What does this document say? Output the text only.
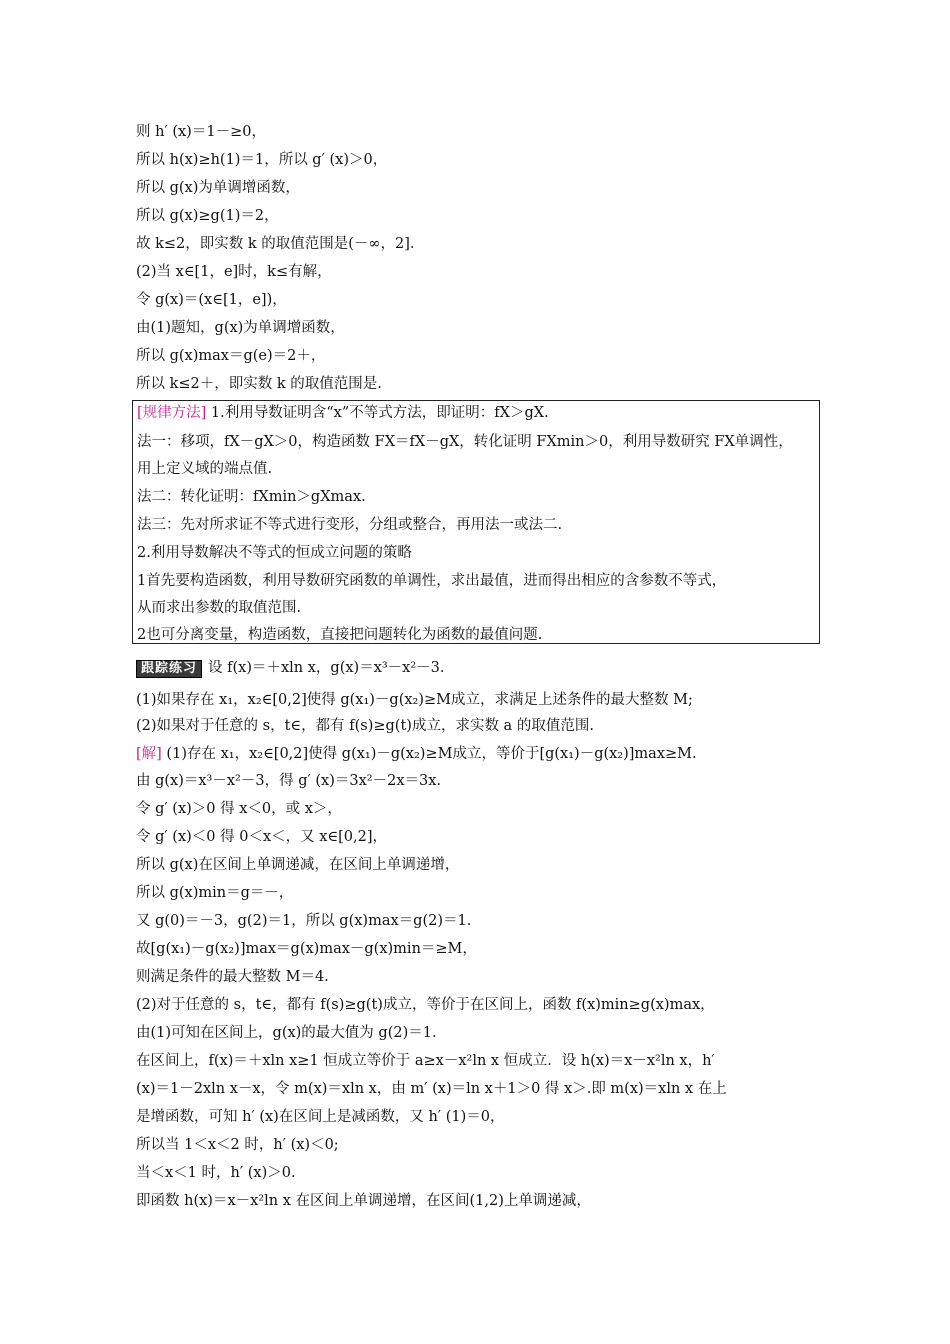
则 h′ (x)＝1－≥0，
所以 h(x)≥h(1)＝1，所以 g′ (x)＞0，
所以 g(x)为单调增函数，
所以 g(x)≥g(1)＝2，
故 k≤2，即实数 k 的取值范围是(－∞，2]．
(2)当 x∈[1，e]时，k≤有解，
令 g(x)＝(x∈[1，e])，
由(1)题知，g(x)为单调增函数，
所以 g(x)max＝g(e)＝2＋，
所以 k≤2＋，即实数 k 的取值范围是.
[规律方法] 1.利用导数证明含“x”不等式方法，即证明：fX＞gX.
法一：移项，fX－gX＞0，构造函数 FX＝fX－gX，转化证明 FXmin＞0，利用导数研究 FX单调性，
用上定义域的端点值.
法二：转化证明：fXmin＞gXmax.
法三：先对所求证不等式进行变形，分组或整合，再用法一或法二.
2.利用导数解决不等式的恒成立问题的策略
1首先要构造函数，利用导数研究函数的单调性，求出最值，进而得出相应的含参数不等式，
从而求出参数的取值范围.
2也可分离变量，构造函数，直接把问题转化为函数的最值问题.
跟踪练习 设 f(x)＝＋xln x，g(x)＝x³－x²－3.
(1)如果存在 x₁，x₂∈[0,2]使得 g(x₁)－g(x₂)≥M成立，求满足上述条件的最大整数 M;
(2)如果对于任意的 s，t∈，都有 f(s)≥g(t)成立，求实数 a 的取值范围.
[解] (1)存在 x₁，x₂∈[0,2]使得 g(x₁)－g(x₂)≥M成立，等价于[g(x₁)－g(x₂)]max≥M.
由 g(x)＝x³－x²－3，得 g′ (x)＝3x²－2x＝3x.
令 g′ (x)＞0 得 x＜0，或 x＞，
令 g′ (x)＜0 得 0＜x＜，又 x∈[0,2]，
所以 g(x)在区间上单调递减，在区间上单调递增，
所以 g(x)min＝g＝－，
又 g(0)＝－3，g(2)＝1，所以 g(x)max＝g(2)＝1.
故[g(x₁)－g(x₂)]max＝g(x)max－g(x)min＝≥M，
则满足条件的最大整数 M＝4.
(2)对于任意的 s，t∈，都有 f(s)≥g(t)成立，等价于在区间上，函数 f(x)min≥g(x)max，
由(1)可知在区间上，g(x)的最大值为 g(2)＝1.
在区间上，f(x)＝＋xln x≥1 恒成立等价于 a≥x－x²ln x 恒成立．设 h(x)＝x－x²ln x，h′
(x)＝1－2xln x－x，令 m(x)＝xln x，由 m′ (x)＝ln x＋1＞0 得 x＞.即 m(x)＝xln x 在上
是增函数，可知 h′ (x)在区间上是减函数，又 h′ (1)＝0，
所以当 1＜x＜2 时，h′ (x)＜0;
当＜x＜1 时，h′ (x)＞0.
即函数 h(x)＝x－x²ln x 在区间上单调递增，在区间(1,2)上单调递减，
